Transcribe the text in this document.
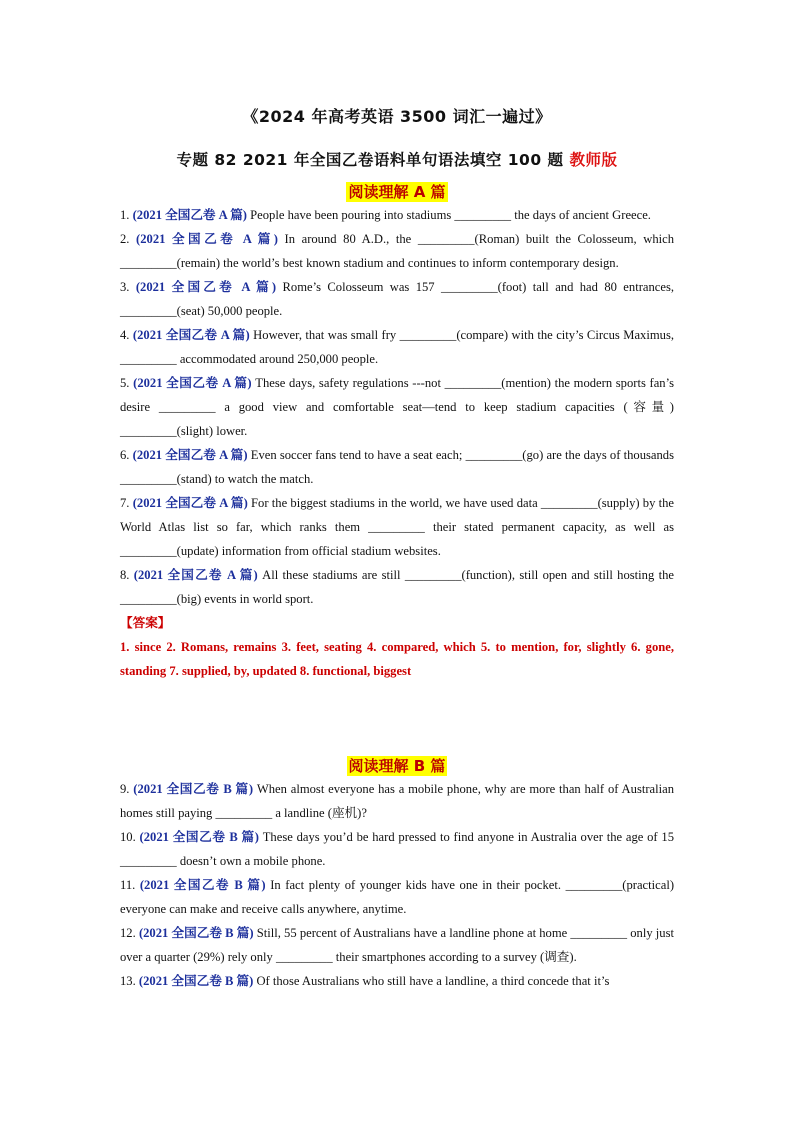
《2024 年高考英语 3500 词汇一遍过》
专题 82 2021 年全国乙卷语料单句语法填空 100 题 教师版
阅读理解 A 篇
1. (2021 全国乙卷 A 篇) People have been pouring into stadiums _________ the days of ancient Greece.
2. (2021 全国乙卷 A 篇) In around 80 A.D., the _________(Roman) built the Colosseum, which _________(remain) the world’s best known stadium and continues to inform contemporary design.
3. (2021 全国乙卷 A 篇) Rome’s Colosseum was 157 _________(foot) tall and had 80 entrances, _________(seat) 50,000 people.
4. (2021 全国乙卷 A 篇) However, that was small fry _________(compare) with the city’s Circus Maximus, _________ accommodated around 250,000 people.
5. (2021 全国乙卷 A 篇) These days, safety regulations ---not _________(mention) the modern sports fan’s desire _________ a good view and comfortable seat—tend to keep stadium capacities (容量) _________(slight) lower.
6. (2021 全国乙卷 A 篇) Even soccer fans tend to have a seat each; _________(go) are the days of thousands _________(stand) to watch the match.
7. (2021 全国乙卷 A 篇) For the biggest stadiums in the world, we have used data _________(supply) by the World Atlas list so far, which ranks them _________ their stated permanent capacity, as well as _________(update) information from official stadium websites.
8. (2021 全国乙卷 A 篇) All these stadiums are still _________(function), still open and still hosting the _________(big) events in world sport.
【答案】
1. since 2. Romans, remains 3. feet, seating 4. compared, which 5. to mention, for, slightly 6. gone, standing 7. supplied, by, updated 8. functional, biggest
阅读理解 B 篇
9. (2021 全国乙卷 B 篇) When almost everyone has a mobile phone, why are more than half of Australian homes still paying _________ a landline (座机)?
10. (2021 全国乙卷 B 篇) These days you’d be hard pressed to find anyone in Australia over the age of 15 _________ doesn’t own a mobile phone.
11. (2021 全国乙卷 B 篇) In fact plenty of younger kids have one in their pocket. _________(practical) everyone can make and receive calls anywhere, anytime.
12. (2021 全国乙卷 B 篇) Still, 55 percent of Australians have a landline phone at home _________ only just over a quarter (29%) rely only _________ their smartphones according to a survey (调查).
13. (2021 全国乙卷 B 篇) Of those Australians who still have a landline, a third concede that it’s
